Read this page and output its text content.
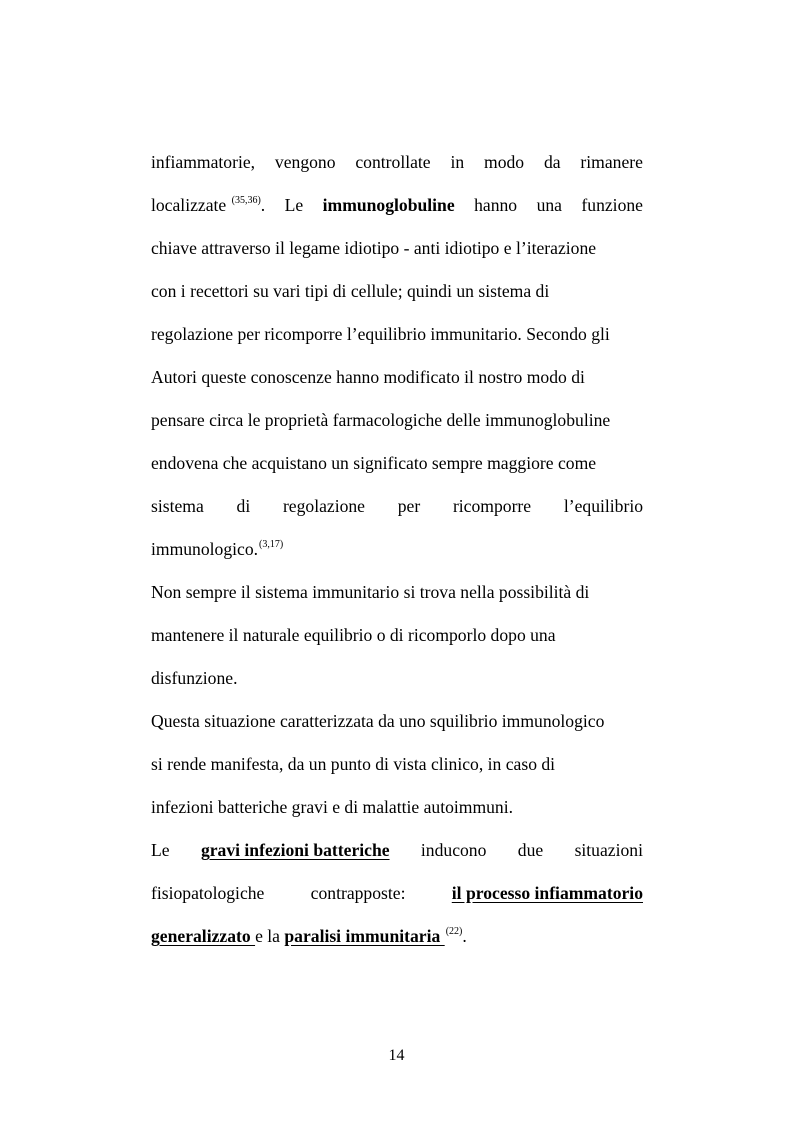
infiammatorie, vengono controllate in modo da rimanere
localizzate $^{(35,36)}$. Le immunoglobuline hanno una funzione
chiave attraverso il legame idiotipo - anti idiotipo e l’iterazione
con i recettori su vari tipi di cellule; quindi un sistema di
regolazione per ricomporre l’equilibrio immunitario. Secondo gli
Autori queste conoscenze hanno modificato il nostro modo di
pensare circa le proprietà farmacologiche delle immunoglobuline
endovena che acquistano un significato sempre maggiore come
sistema di regolazione per ricomporre l’equilibrio
immunologico. (3,17)
Non sempre il sistema immunitario si trova nella possibilità di
mantenere il naturale equilibrio o di ricomporlo dopo una
disfunzione.
Questa situazione caratterizzata da uno squilibrio immunologico
si rende manifesta, da un punto di vista clinico, in caso di
infezioni batteriche gravi e di malattie autoimmuni.
Le gravi infezioni batteriche inducono due situazioni
fisiopatologiche	contrapposte:	il processo infiammatorio
generalizzato e la paralisi immunitaria (22) .
14
